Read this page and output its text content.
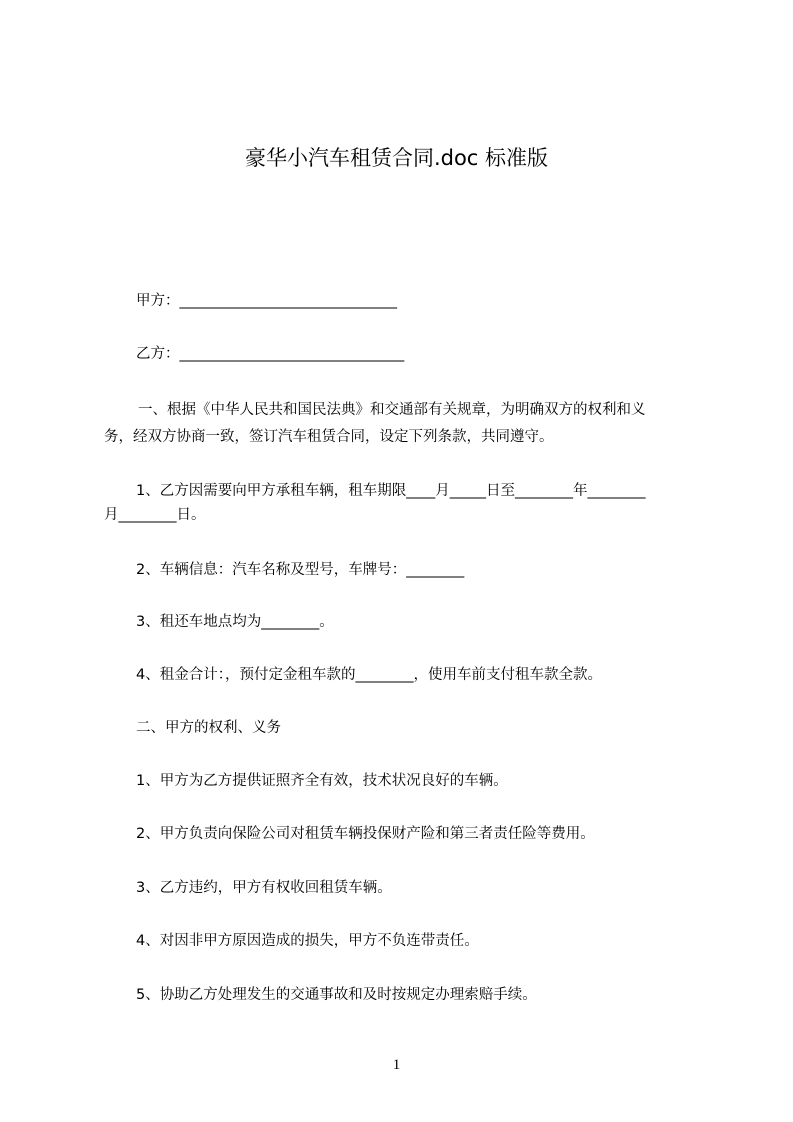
豪华小汽车租赁合同.doc 标准版
甲方：______________________________
乙方：_______________________________
一、根据《中华人民共和国民法典》和交通部有关规章，为明确双方的权利和义
务，经双方协商一致，签订汽车租赁合同，设定下列条款，共同遵守。
1、乙方因需要向甲方承租车辆，租车期限____月_____日至________年________
月________日。
2、车辆信息：汽车名称及型号，车牌号：________
3、租还车地点均为________。
4、租金合计：，预付定金租车款的________，使用车前支付租车款全款。
二、甲方的权利、义务
1、甲方为乙方提供证照齐全有效，技术状况良好的车辆。
2、甲方负责向保险公司对租赁车辆投保财产险和第三者责任险等费用。
3、乙方违约，甲方有权收回租赁车辆。
4、对因非甲方原因造成的损失，甲方不负连带责任。
5、协助乙方处理发生的交通事故和及时按规定办理索赔手续。
1
